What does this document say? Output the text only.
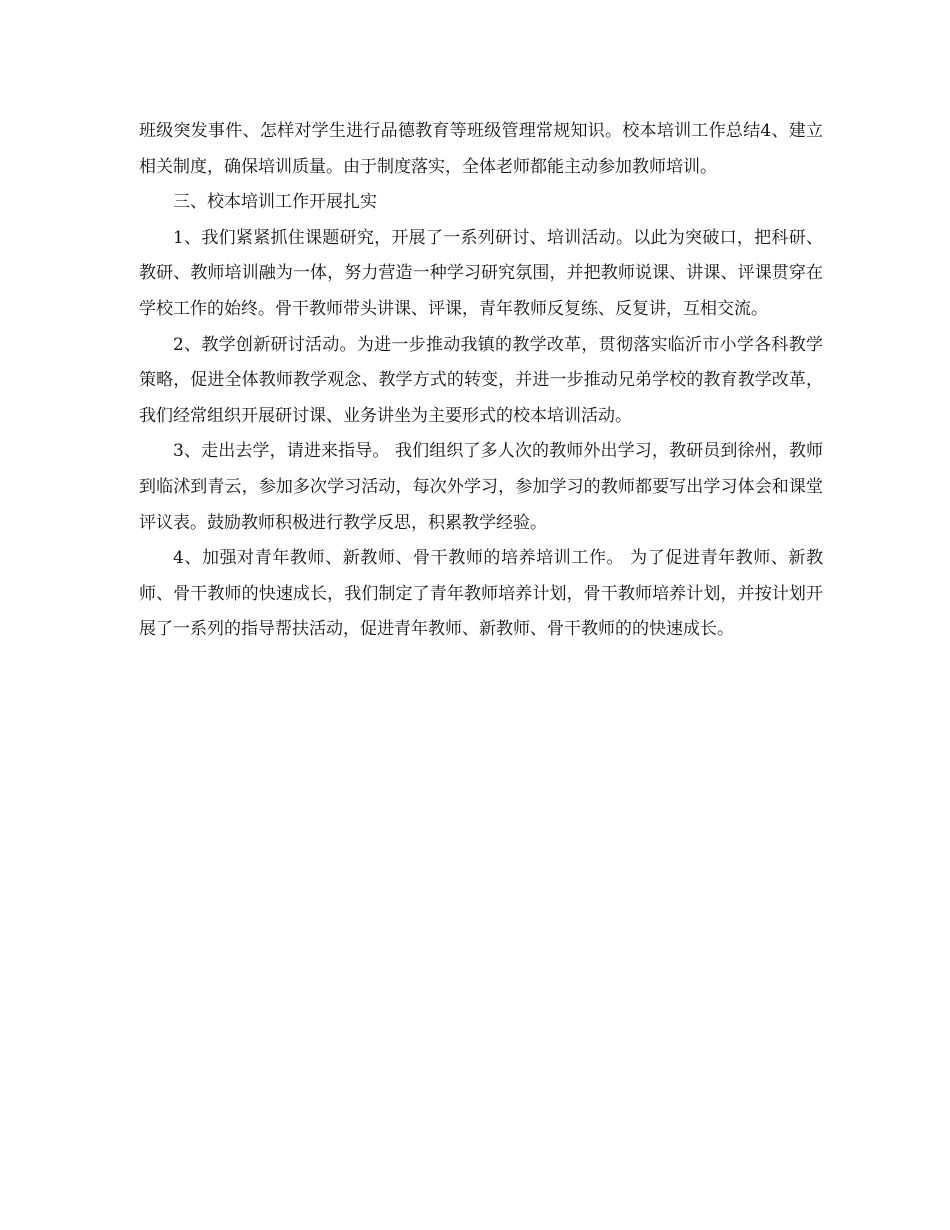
班级突发事件、怎样对学生进行品德教育等班级管理常规知识。校本培训工作总结4、建立相关制度，确保培训质量。由于制度落实，全体老师都能主动参加教师培训。

三、校本培训工作开展扎实

1、我们紧紧抓住课题研究，开展了一系列研讨、培训活动。以此为突破口，把科研、教研、教师培训融为一体，努力营造一种学习研究氛围，并把教师说课、讲课、评课贯穿在学校工作的始终。骨干教师带头讲课、评课，青年教师反复练、反复讲，互相交流。

2、教学创新研讨活动。为进一步推动我镇的教学改革，贯彻落实临沂市小学各科教学策略，促进全体教师教学观念、教学方式的转变，并进一步推动兄弟学校的教育教学改革，我们经常组织开展研讨课、业务讲坐为主要形式的校本培训活动。

3、走出去学，请进来指导。 我们组织了多人次的教师外出学习，教研员到徐州，教师到临沭到青云，参加多次学习活动，每次外学习，参加学习的教师都要写出学习体会和课堂评议表。鼓励教师积极进行教学反思，积累教学经验。

4、加强对青年教师、新教师、骨干教师的培养培训工作。 为了促进青年教师、新教师、骨干教师的快速成长，我们制定了青年教师培养计划，骨干教师培养计划，并按计划开展了一系列的指导帮扶活动，促进青年教师、新教师、骨干教师的的快速成长。
